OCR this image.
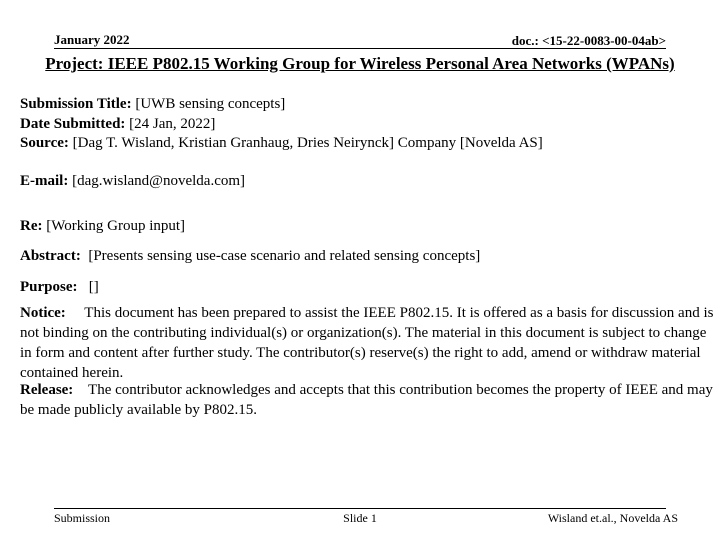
January 2022	doc.: <15-22-0083-00-04ab>
Project: IEEE P802.15 Working Group for Wireless Personal Area Networks (WPANs)
Submission Title: [UWB sensing concepts]
Date Submitted: [24 Jan, 2022]
Source: [Dag T. Wisland, Kristian Granhaug, Dries Neirynck] Company [Novelda AS]
E-mail: [dag.wisland@novelda.com]
Re: [Working Group input]
Abstract: [Presents sensing use-case scenario and related sensing concepts]
Purpose: []
Notice: This document has been prepared to assist the IEEE P802.15. It is offered as a basis for discussion and is not binding on the contributing individual(s) or organization(s). The material in this document is subject to change in form and content after further study. The contributor(s) reserve(s) the right to add, amend or withdraw material contained herein.
Release: The contributor acknowledges and accepts that this contribution becomes the property of IEEE and may be made publicly available by P802.15.
Submission	Slide 1	Wisland et.al., Novelda AS
